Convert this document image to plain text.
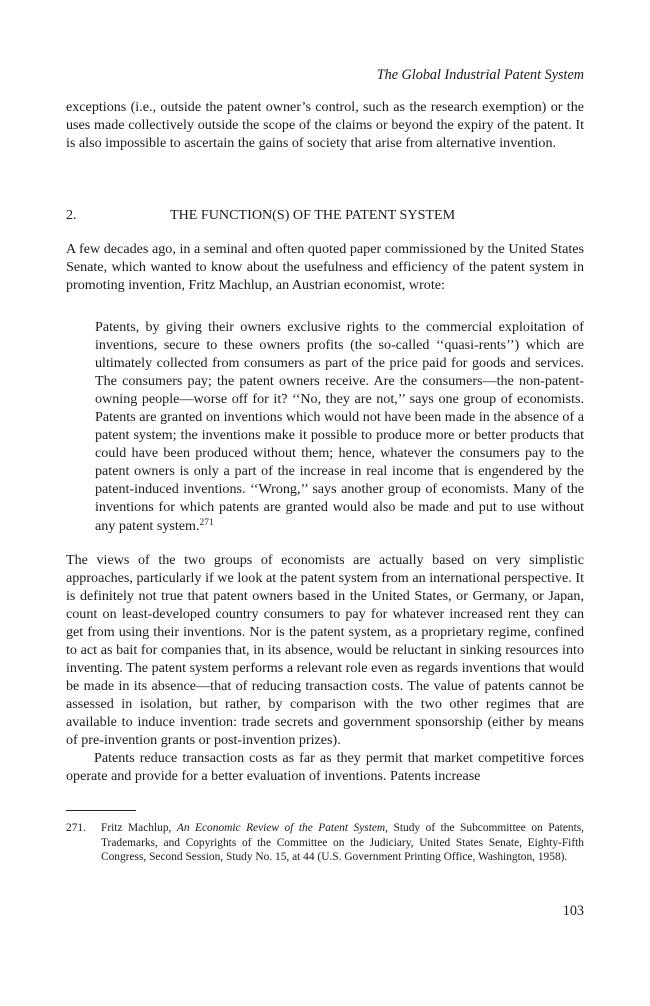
The Global Industrial Patent System

exceptions (i.e., outside the patent owner’s control, such as the research exemption) or the uses made collectively outside the scope of the claims or beyond the expiry of the patent. It is also impossible to ascertain the gains of society that arise from alternative invention.

2.	THE FUNCTION(S) OF THE PATENT SYSTEM

A few decades ago, in a seminal and often quoted paper commissioned by the United States Senate, which wanted to know about the usefulness and efficiency of the patent system in promoting invention, Fritz Machlup, an Austrian economist, wrote:

Patents, by giving their owners exclusive rights to the commercial exploitation of inventions, secure to these owners profits (the so-called ‘‘quasi-rents’’) which are ultimately collected from consumers as part of the price paid for goods and services. The consumers pay; the patent owners receive. Are the consumers—the non-patent-owning people—worse off for it? ‘‘No, they are not,’’ says one group of economists. Patents are granted on inventions which would not have been made in the absence of a patent system; the inventions make it possible to produce more or better products that could have been produced without them; hence, whatever the consumers pay to the patent owners is only a part of the increase in real income that is engendered by the patent-induced inventions. ‘‘Wrong,’’ says another group of economists. Many of the inventions for which patents are granted would also be made and put to use without any patent system.$^{271}$

The views of the two groups of economists are actually based on very simplistic approaches, particularly if we look at the patent system from an international perspective. It is definitely not true that patent owners based in the United States, or Germany, or Japan, count on least-developed country consumers to pay for whatever increased rent they can get from using their inventions. Nor is the patent system, as a proprietary regime, confined to act as bait for companies that, in its absence, would be reluctant in sinking resources into inventing. The patent system performs a relevant role even as regards inventions that would be made in its absence—that of reducing transaction costs. The value of patents cannot be assessed in isolation, but rather, by comparison with the two other regimes that are available to induce invention: trade secrets and government sponsorship (either by means of pre-invention grants or post-invention prizes).

Patents reduce transaction costs as far as they permit that market competitive forces operate and provide for a better evaluation of inventions. Patents increase

271. Fritz Machlup, An Economic Review of the Patent System, Study of the Subcommittee on Patents, Trademarks, and Copyrights of the Committee on the Judiciary, United States Senate, Eighty-Fifth Congress, Second Session, Study No. 15, at 44 (U.S. Government Printing Office, Washington, 1958).
103
